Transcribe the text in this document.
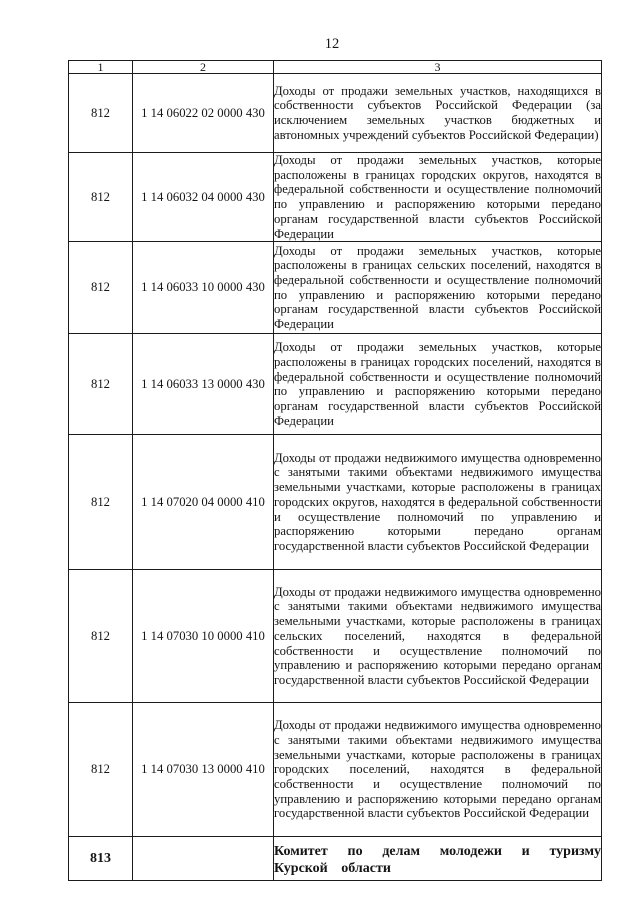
12
1	2	3
812	1 14 06022 02 0000 430	Доходы от продажи земельных участков, находящихся в собственности субъектов Российской Федерации (за исключением земельных участков бюджетных и автономных учреждений субъектов Российской Федерации)
812	1 14 06032 04 0000 430	Доходы от продажи земельных участков, которые расположены в границах городских округов, находятся в федеральной собственности и осуществление полномочий по управлению и распоряжению которыми передано органам государственной власти субъектов Российской Федерации
812	1 14 06033 10 0000 430	Доходы от продажи земельных участков, которые расположены в границах сельских поселений, находятся в федеральной собственности и осуществление полномочий по управлению и распоряжению которыми передано органам государственной власти субъектов Российской Федерации
812	1 14 06033 13 0000 430	Доходы от продажи земельных участков, которые расположены в границах городских поселений, находятся в федеральной собственности и осуществление полномочий по управлению и распоряжению которыми передано органам государственной власти субъектов Российской Федерации
812	1 14 07020 04 0000 410	Доходы от продажи недвижимого имущества одновременно с занятыми такими объектами недвижимого имущества земельными участками, которые расположены в границах городских округов, находятся в федеральной собственности и осуществление полномочий по управлению и распоряжению которыми передано органам государственной власти субъектов Российской Федерации
812	1 14 07030 10 0000 410	Доходы от продажи недвижимого имущества одновременно с занятыми такими объектами недвижимого имущества земельными участками, которые расположены в границах сельских поселений, находятся в федеральной собственности и осуществление полномочий по управлению и распоряжению которыми передано органам государственной власти субъектов Российской Федерации
812	1 14 07030 13 0000 410	Доходы от продажи недвижимого имущества одновременно с занятыми такими объектами недвижимого имущества земельными участками, которые расположены в границах городских поселений, находятся в федеральной собственности и осуществление полномочий по управлению и распоряжению которыми передано органам государственной власти субъектов Российской Федерации
813		Комитет по делам молодежи и туризму Курской области
